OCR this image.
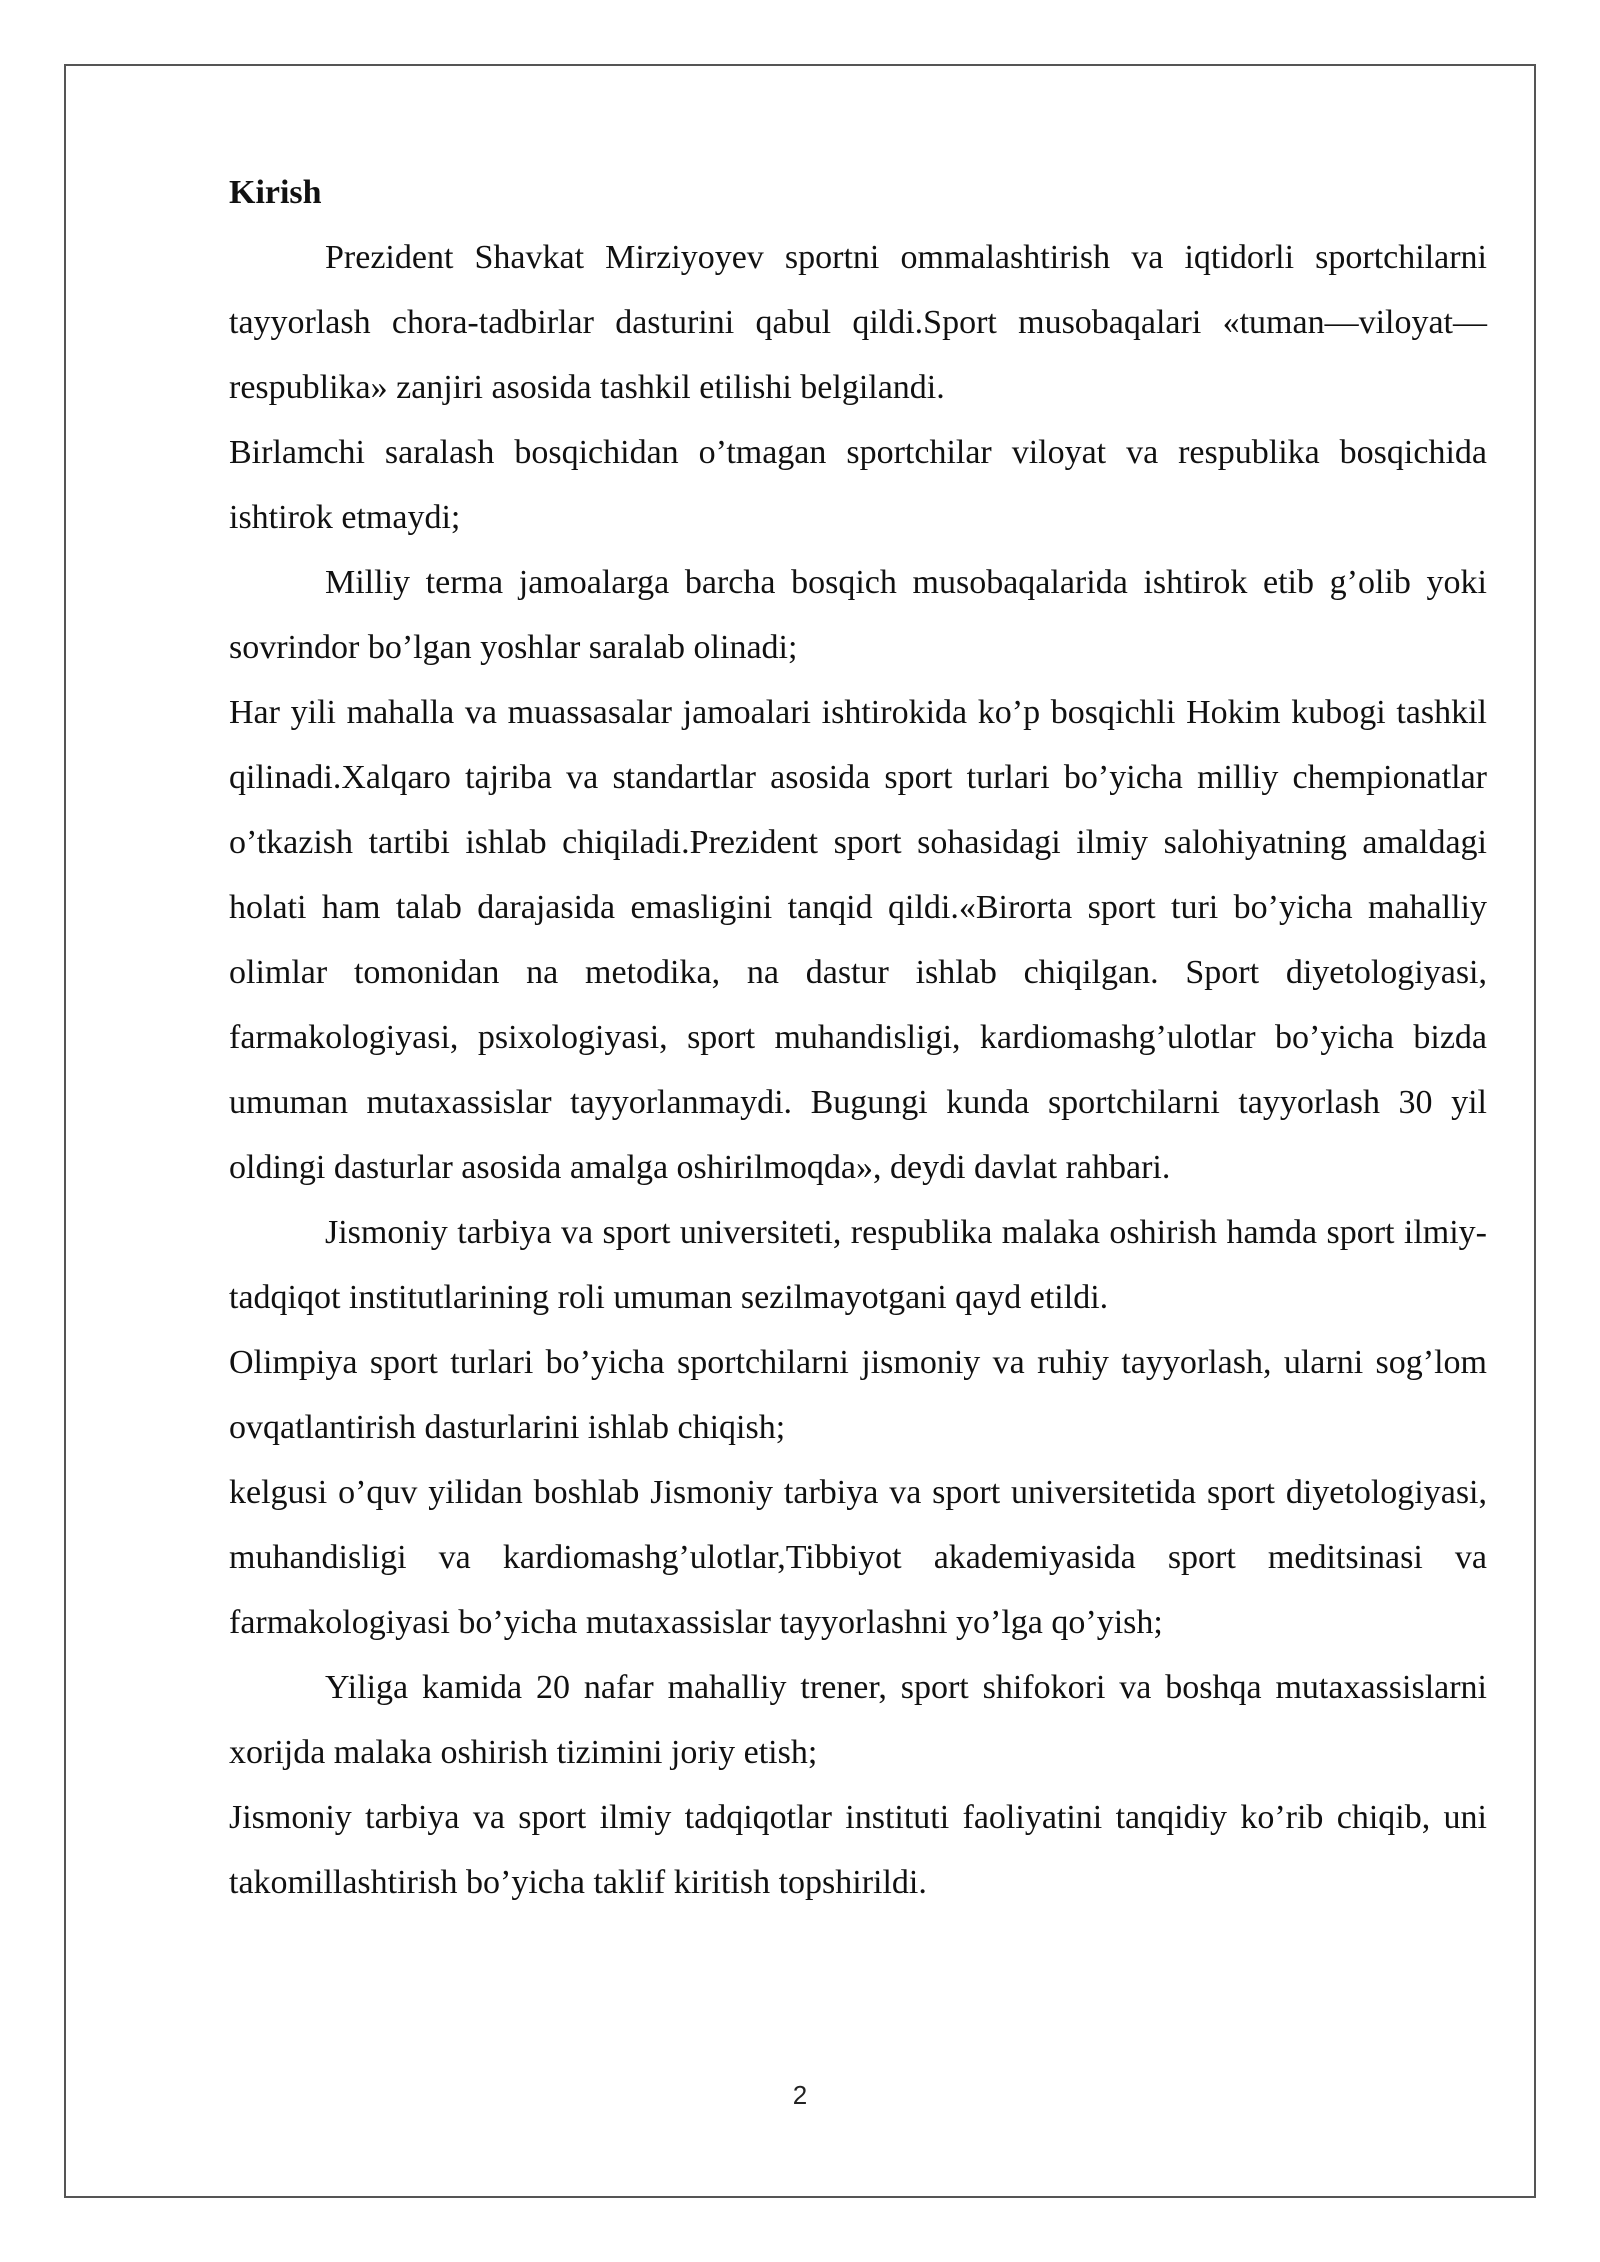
Kirish

Prezident Shavkat Mirziyoyev sportni ommalashtirish va iqtidorli sportchilarni tayyorlash chora-tadbirlar dasturini qabul qildi.Sport musobaqalari «tuman—viloyat—respublika» zanjiri asosida tashkil etilishi belgilandi.

Birlamchi saralash bosqichidan o’tmagan sportchilar viloyat va respublika bosqichida ishtirok etmaydi;

Milliy terma jamoalarga barcha bosqich musobaqalarida ishtirok etib g’olib yoki sovrindor bo’lgan yoshlar saralab olinadi;

Har yili mahalla va muassasalar jamoalari ishtirokida ko’p bosqichli Hokim kubogi tashkil qilinadi.Xalqaro tajriba va standartlar asosida sport turlari bo’yicha milliy chempionatlar o’tkazish tartibi ishlab chiqiladi.Prezident sport sohasidagi ilmiy salohiyatning amaldagi holati ham talab darajasida emasligini tanqid qildi.«Birorta sport turi bo’yicha mahalliy olimlar tomonidan na metodika, na dastur ishlab chiqilgan. Sport diyetologiyasi, farmakologiyasi, psixologiyasi, sport muhandisligi, kardiomashg’ulotlar bo’yicha bizda umuman mutaxassislar tayyorlanmaydi. Bugungi kunda sportchilarni tayyorlash 30 yil oldingi dasturlar asosida amalga oshirilmoqda», deydi davlat rahbari.

Jismoniy tarbiya va sport universiteti, respublika malaka oshirish hamda sport ilmiy-tadqiqot institutlarining roli umuman sezilmayotgani qayd etildi.

Olimpiya sport turlari bo’yicha sportchilarni jismoniy va ruhiy tayyorlash, ularni sog’lom ovqatlantirish dasturlarini ishlab chiqish;

kelgusi o’quv yilidan boshlab Jismoniy tarbiya va sport universitetida sport diyetologiyasi, muhandisligi va kardiomashg’ulotlar,Tibbiyot akademiyasida sport meditsinasi va farmakologiyasi bo’yicha mutaxassislar tayyorlashni yo’lga qo’yish;

Yiliga kamida 20 nafar mahalliy trener, sport shifokori va boshqa mutaxassislarni xorijda malaka oshirish tizimini joriy etish;

Jismoniy tarbiya va sport ilmiy tadqiqotlar instituti faoliyatini tanqidiy ko’rib chiqib, uni takomillashtirish bo’yicha taklif kiritish topshirildi.

2
